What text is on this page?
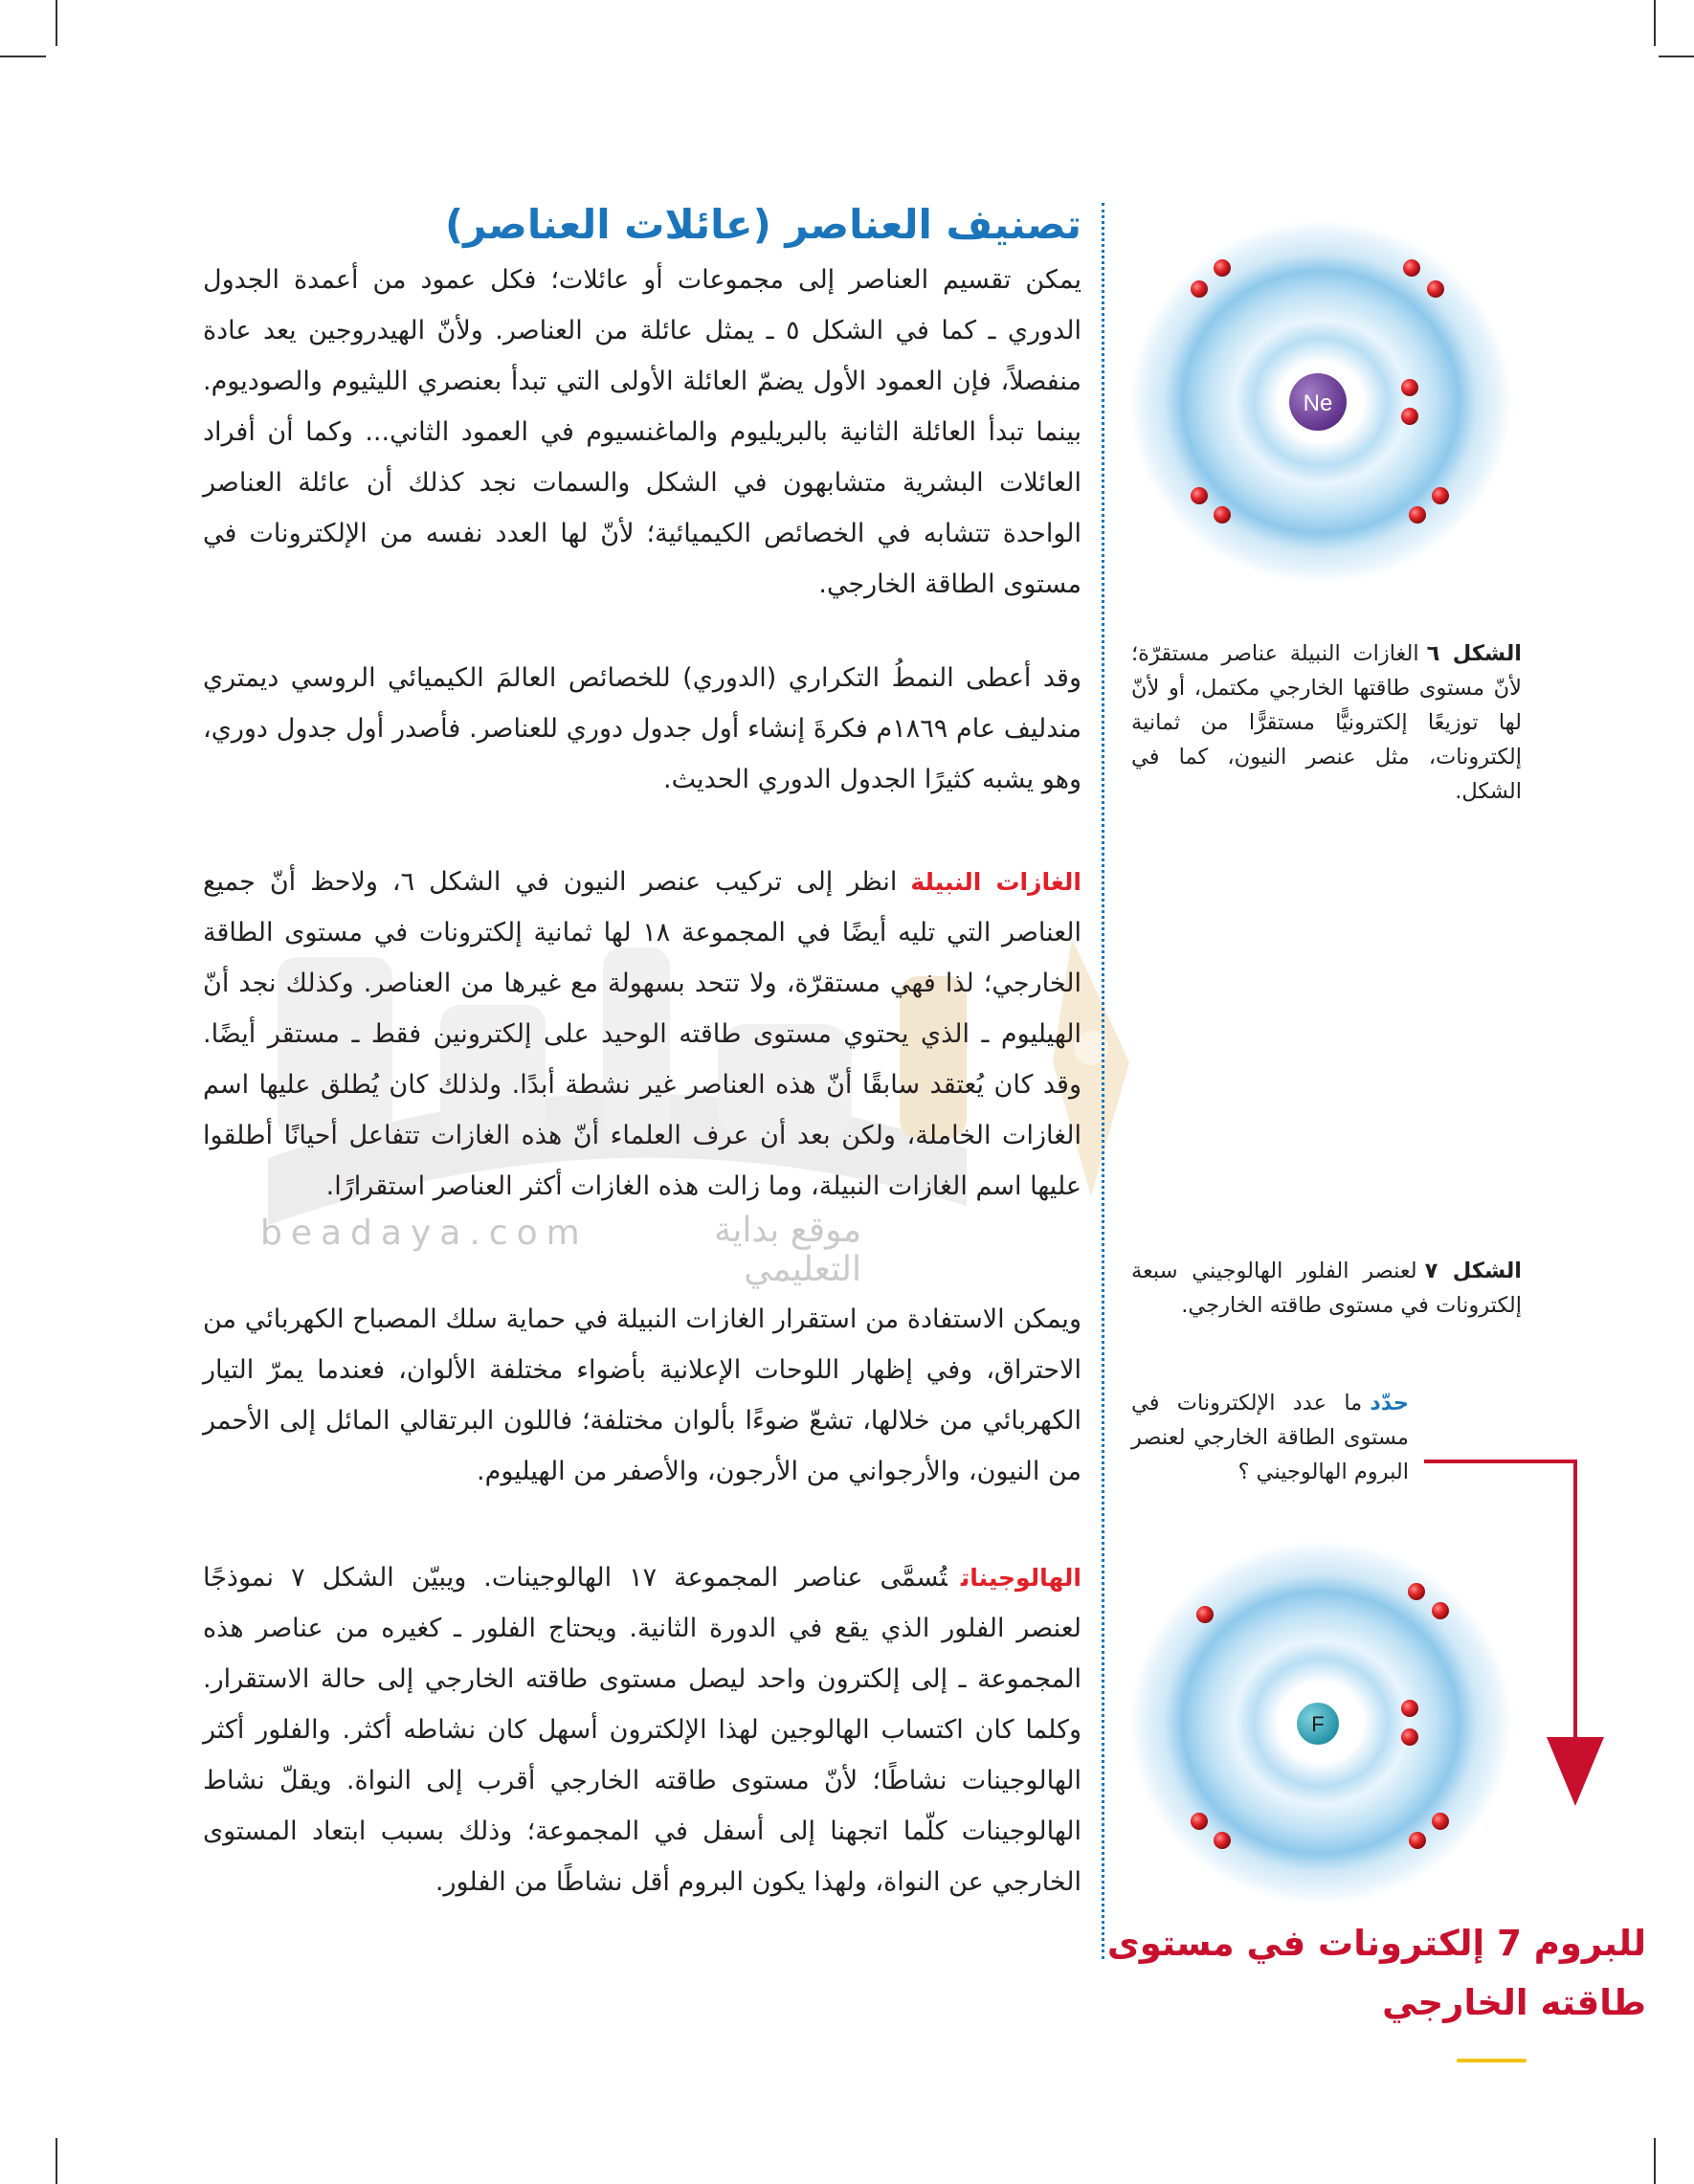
beadaya.com	موقع بداية التعليمي
تصنيف العناصر (عائلات العناصر)

يمكن تقسيم العناصر إلى مجموعات أو عائلات؛ فكل عمود من أعمدة الجدول الدوري ـ كما في الشكل ٥ ـ يمثل عائلة من العناصر. ولأنّ الهيدروجين يعد عادة منفصلاً، فإن العمود الأول يضمّ العائلة الأولى التي تبدأ بعنصري الليثيوم والصوديوم. بينما تبدأ العائلة الثانية بالبريليوم والماغنسيوم في العمود الثاني... وكما أن أفراد العائلات البشرية متشابهون في الشكل والسمات نجد كذلك أن عائلة العناصر الواحدة تتشابه في الخصائص الكيميائية؛ لأنّ لها العدد نفسه من الإلكترونات في مستوى الطاقة الخارجي.

وقد أعطى النمطُ التكراري (الدوري) للخصائص العالمَ الكيميائي الروسي ديمتري مندليف عام ١٨٦٩م فكرةَ إنشاء أول جدول دوري للعناصر. فأصدر أول جدول دوري، وهو يشبه كثيرًا الجدول الدوري الحديث.

الغازات النبيلةانظر إلى تركيب عنصر النيون في الشكل ٦، ولاحظ أنّ جميع العناصر التي تليه أيضًا في المجموعة ١٨ لها ثمانية إلكترونات في مستوى الطاقة الخارجي؛ لذا فهي مستقرّة، ولا تتحد بسهولة مع غيرها من العناصر. وكذلك نجد أنّ الهيليوم ـ الذي يحتوي مستوى طاقته الوحيد على إلكترونين فقط ـ مستقر أيضًا. وقد كان يُعتقد سابقًا أنّ هذه العناصر غير نشطة أبدًا. ولذلك كان يُطلق عليها اسم الغازات الخاملة، ولكن بعد أن عرف العلماء أنّ هذه الغازات تتفاعل أحيانًا أطلقوا عليها اسم الغازات النبيلة، وما زالت هذه الغازات أكثر العناصر استقرارًا.

ويمكن الاستفادة من استقرار الغازات النبيلة في حماية سلك المصباح الكهربائي من الاحتراق، وفي إظهار اللوحات الإعلانية بأضواء مختلفة الألوان، فعندما يمرّ التيار الكهربائي من خلالها، تشعّ ضوءًا بألوان مختلفة؛ فاللون البرتقالي المائل إلى الأحمر من النيون، والأرجواني من الأرجون، والأصفر من الهيليوم.

الهالوجيناتتُسمَّى عناصر المجموعة ١٧ الهالوجينات. ويبيّن الشكل ٧ نموذجًا لعنصر الفلور الذي يقع في الدورة الثانية. ويحتاج الفلور ـ كغيره من عناصر هذه المجموعة ـ إلى إلكترون واحد ليصل مستوى طاقته الخارجي إلى حالة الاستقرار. وكلما كان اكتساب الهالوجين لهذا الإلكترون أسهل كان نشاطه أكثر. والفلور أكثر الهالوجينات نشاطًا؛ لأنّ مستوى طاقته الخارجي أقرب إلى النواة. ويقلّ نشاط الهالوجينات كلّما اتجهنا إلى أسفل في المجموعة؛ وذلك بسبب ابتعاد المستوى الخارجي عن النواة، ولهذا يكون البروم أقل نشاطًا من الفلور.

Ne
الشكل ٦الغازات النبيلة عناصر مستقرّة؛ لأنّ مستوى طاقتها الخارجي مكتمل، أو لأنّ لها توزيعًا إلكترونيًّا مستقرًّا من ثمانية إلكترونات، مثل عنصر النيون، كما في الشكل.
الشكل ٧لعنصر الفلور الهالوجيني سبعة إلكترونات في مستوى طاقته الخارجي.
حدّدما عدد الإلكترونات في مستوى الطاقة الخارجي لعنصر البروم الهالوجيني ؟
F
للبروم 7 إلكترونات في مستوى طاقته الخارجي
